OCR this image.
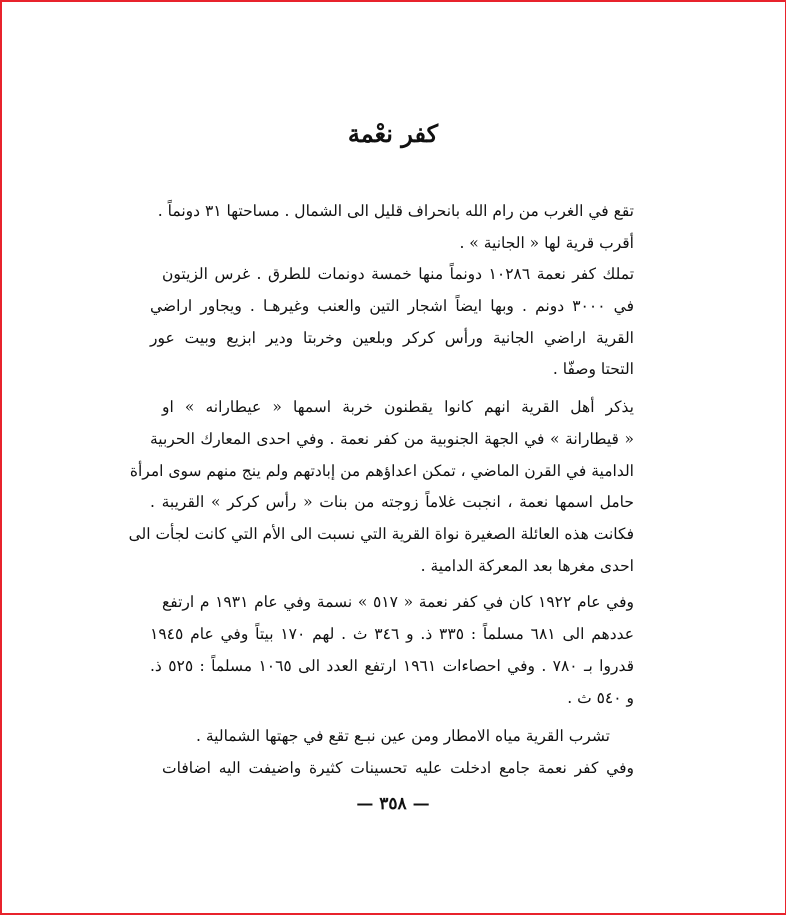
كفر نعْمة
تقع في الغرب من رام الله بانحراف قليل الى الشمال . مساحتها ٣١ دونماً .
أقرب قرية لها « الجانية » .
تملك كفر نعمة ١٠٢٨٦ دونماً منها خمسة دونمات للطرق . غرس الزيتون
في ٣٠٠٠ دونم . وبها ايضاً اشجار التين والعنب وغيرهـا . ويجاور اراضي
القرية اراضي الجانية ورأس كركر وبلعين وخربتا ودير ابزيع وبيت عور
التحتا وصفّا .
يذكر أهل القرية انهم كانوا يقطنون خربة اسمها « عيطارانه » او
« قيطارانة » في الجهة الجنوبية من كفر نعمة . وفي احدى المعارك الحربية
الدامية في القرن الماضي ، تمكن اعداؤهم من إبادتهم ولم ينج منهم سوى امرأة
حامل اسمها نعمة ، انجبت غلاماً زوجته من بنات « رأس كركر » القريبة .
فكانت هذه العائلة الصغيرة نواة القرية التي نسبت الى الأم التي كانت لجأت الى
احدى مغرها بعد المعركة الدامية .
وفي عام ١٩٢٢ كان في كفر نعمة « ٥١٧ » نسمة وفي عام ١٩٣١ م ارتفع
عددهم الى ٦٨١ مسلماً : ٣٣٥ ذ. و ٣٤٦ ث . لهم ١٧٠ بيتاً وفي عام ١٩٤٥
قدروا بـ ٧٨٠ . وفي احصاءات ١٩٦١ ارتفع العدد الى ١٠٦٥ مسلماً : ٥٢٥ ذ.
و ٥٤٠ ث .
تشرب القرية مياه الامطار ومن عين نبـع تقع في جهتها الشمالية .
وفي كفر نعمة جامع ادخلت عليه تحسينات كثيرة واضيفت اليه اضافات
— ٣٥٨ —
